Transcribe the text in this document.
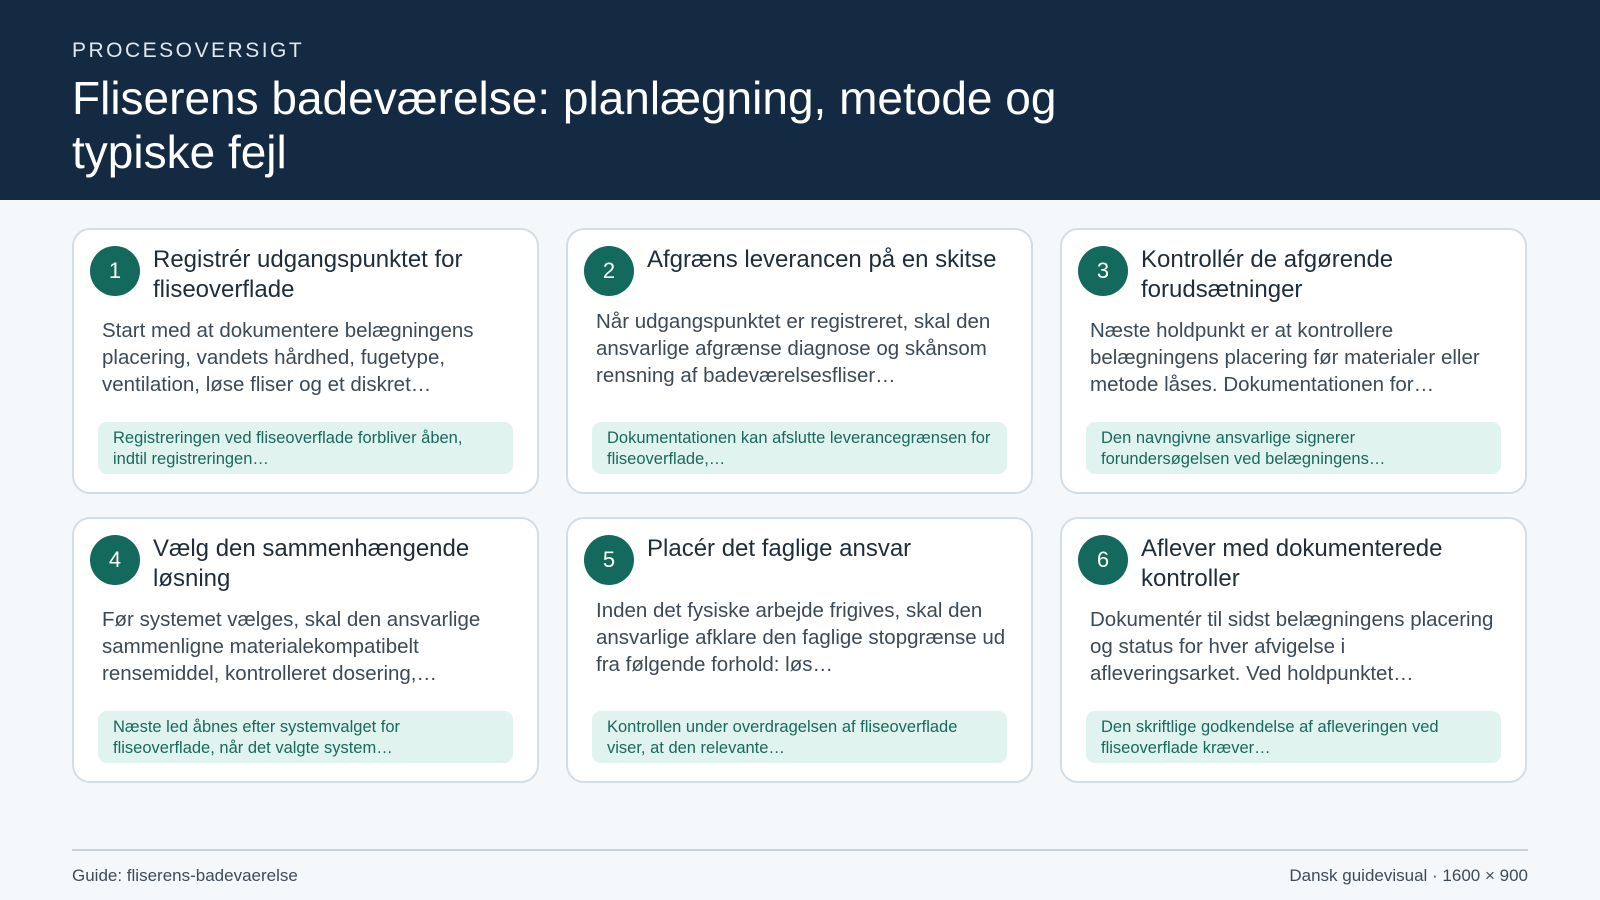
PROCESOVERSIGT
Fliserens badeværelse: planlægning, metode og typiske fejl
1	Registrér udgangspunktet for fliseoverflade
Start med at dokumentere belægningens placering, vandets hårdhed, fugetype, ventilation, løse fliser og et diskret…
Registreringen ved fliseoverflade forbliver åben, indtil registreringen…
2	Afgræns leverancen på en skitse
Når udgangspunktet er registreret, skal den ansvarlige afgrænse diagnose og skånsom rensning af badeværelsesfliser…
Dokumentationen kan afslutte leverancegrænsen for fliseoverflade,…
3	Kontrollér de afgørende forudsætninger
Næste holdpunkt er at kontrollere belægningens placering før materialer eller metode låses. Dokumentationen for…
Den navngivne ansvarlige signerer forundersøgelsen ved belægningens…
4	Vælg den sammenhængende løsning
Før systemet vælges, skal den ansvarlige sammenligne materialekompatibelt rensemiddel, kontrolleret dosering,…
Næste led åbnes efter systemvalget for fliseoverflade, når det valgte system…
5	Placér det faglige ansvar
Inden det fysiske arbejde frigives, skal den ansvarlige afklare den faglige stopgrænse ud fra følgende forhold: løs…
Kontrollen under overdragelsen af fliseoverflade viser, at den relevante…
6	Aflever med dokumenterede kontroller
Dokumentér til sidst belægningens placering og status for hver afvigelse i afleveringsarket. Ved holdpunktet…
Den skriftlige godkendelse af afleveringen ved fliseoverflade kræver…
Guide: fliserens-badevaerelse	Dansk guidevisual · 1600 × 900
